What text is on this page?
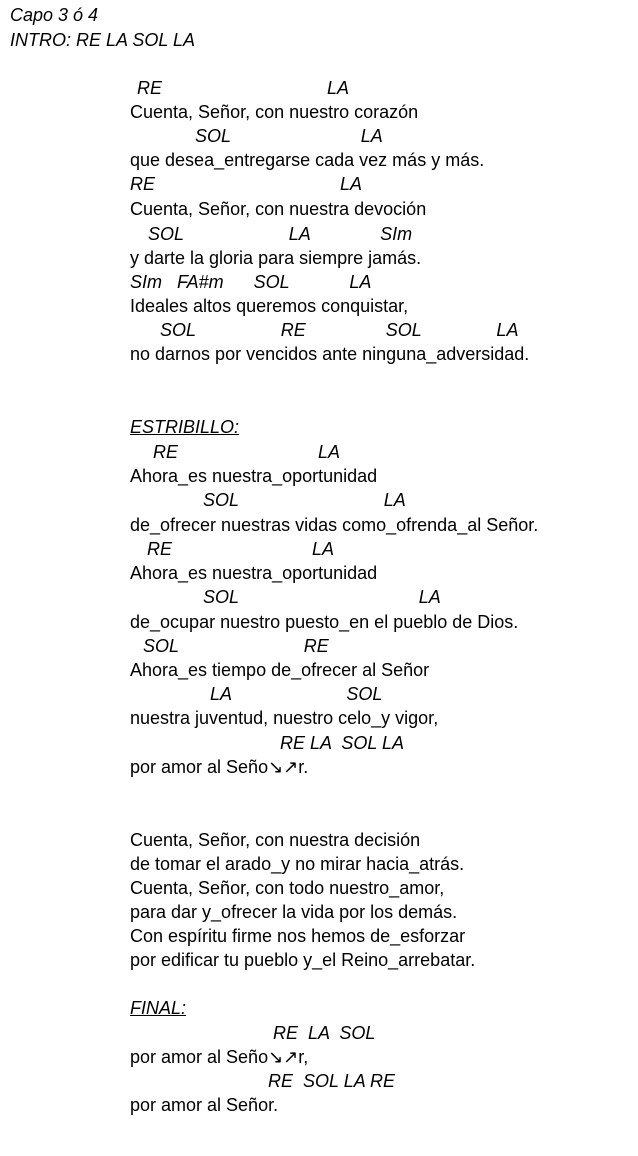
Capo 3 ó 4

INTRO: RE LA SOL LA

RE                                 LA

Cuenta, Señor, con nuestro corazón

SOL                          LA

que desea_entregarse cada vez más y más.

RE                                     LA

Cuenta, Señor, con nuestra devoción

SOL                     LA              SIm

y darte la gloria para siempre jamás.

SIm   FA#m      SOL            LA

Ideales altos queremos conquistar,

SOL                 RE                SOL               LA

no darnos por vencidos ante ninguna_adversidad.

ESTRIBILLO:

RE                            LA

Ahora_es nuestra_oportunidad

SOL                             LA

de_ofrecer nuestras vidas como_ofrenda_al Señor.

RE                            LA

Ahora_es nuestra_oportunidad

SOL                                    LA

de_ocupar nuestro puesto_en el pueblo de Dios.

SOL                         RE

Ahora_es tiempo de_ofrecer al Señor

LA                       SOL

nuestra juventud, nuestro celo_y vigor,

RE LA  SOL LA

por amor al Seño↘↗r.

Cuenta, Señor, con nuestra decisión

de tomar el arado_y no mirar hacia_atrás.

Cuenta, Señor, con todo nuestro_amor,

para dar y_ofrecer la vida por los demás.

Con espíritu firme nos hemos de_esforzar

por edificar tu pueblo y_el Reino_arrebatar.

FINAL:

RE  LA  SOL

por amor al Seño↘↗r,

RE  SOL LA RE

por amor al Señor.
